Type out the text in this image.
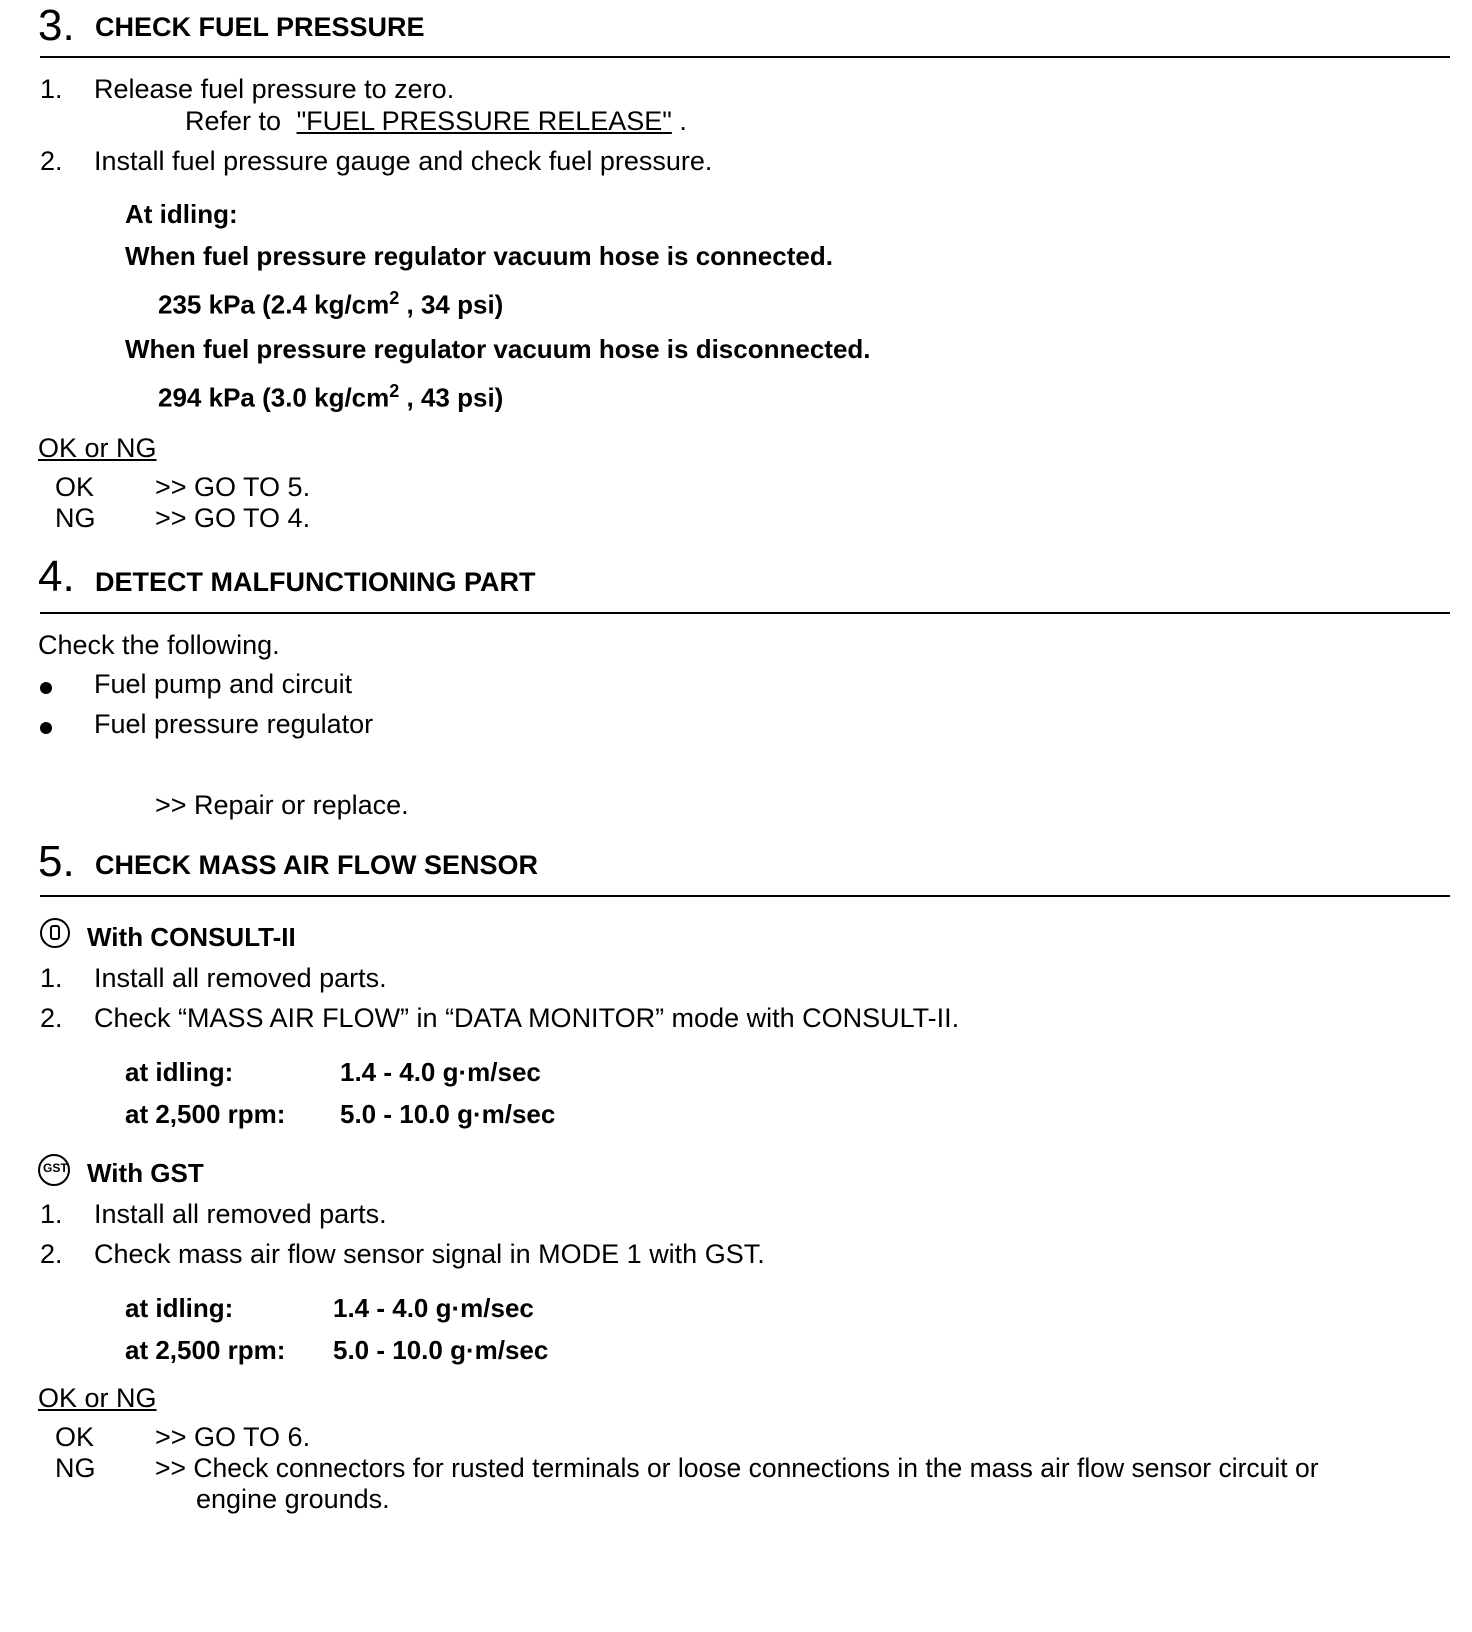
3. CHECK FUEL PRESSURE
1. Release fuel pressure to zero.
Refer to "FUEL PRESSURE RELEASE" .
2. Install fuel pressure gauge and check fuel pressure.
At idling:
When fuel pressure regulator vacuum hose is connected.
235 kPa (2.4 $kg/cm^2$ , 34 psi)
When fuel pressure regulator vacuum hose is disconnected.
294 kPa (3.0 $kg/cm^2$ , 43 psi)
OK or NG
OK >> GO TO 5.
NG >> GO TO 4.
4. DETECT MALFUNCTIONING PART
Check the following.
Fuel pump and circuit
Fuel pressure regulator
>> Repair or replace.
5. CHECK MASS AIR FLOW SENSOR
With CONSULT-II
1. Install all removed parts.
2. Check “MASS AIR FLOW” in “DATA MONITOR” mode with CONSULT-II.
at idling:	1.4 - 4.0 g·m/sec
at 2,500 rpm: 5.0 - 10.0 g·m/sec
GST With GST
1. Install all removed parts.
2. Check mass air flow sensor signal in MODE 1 with GST.
at idling:	1.4 - 4.0 g·m/sec
at 2,500 rpm: 5.0 - 10.0 g·m/sec
OK or NG
OK >> GO TO 6.
NG >> Check connectors for rusted terminals or loose connections in the mass air flow sensor circuit or
engine grounds.
